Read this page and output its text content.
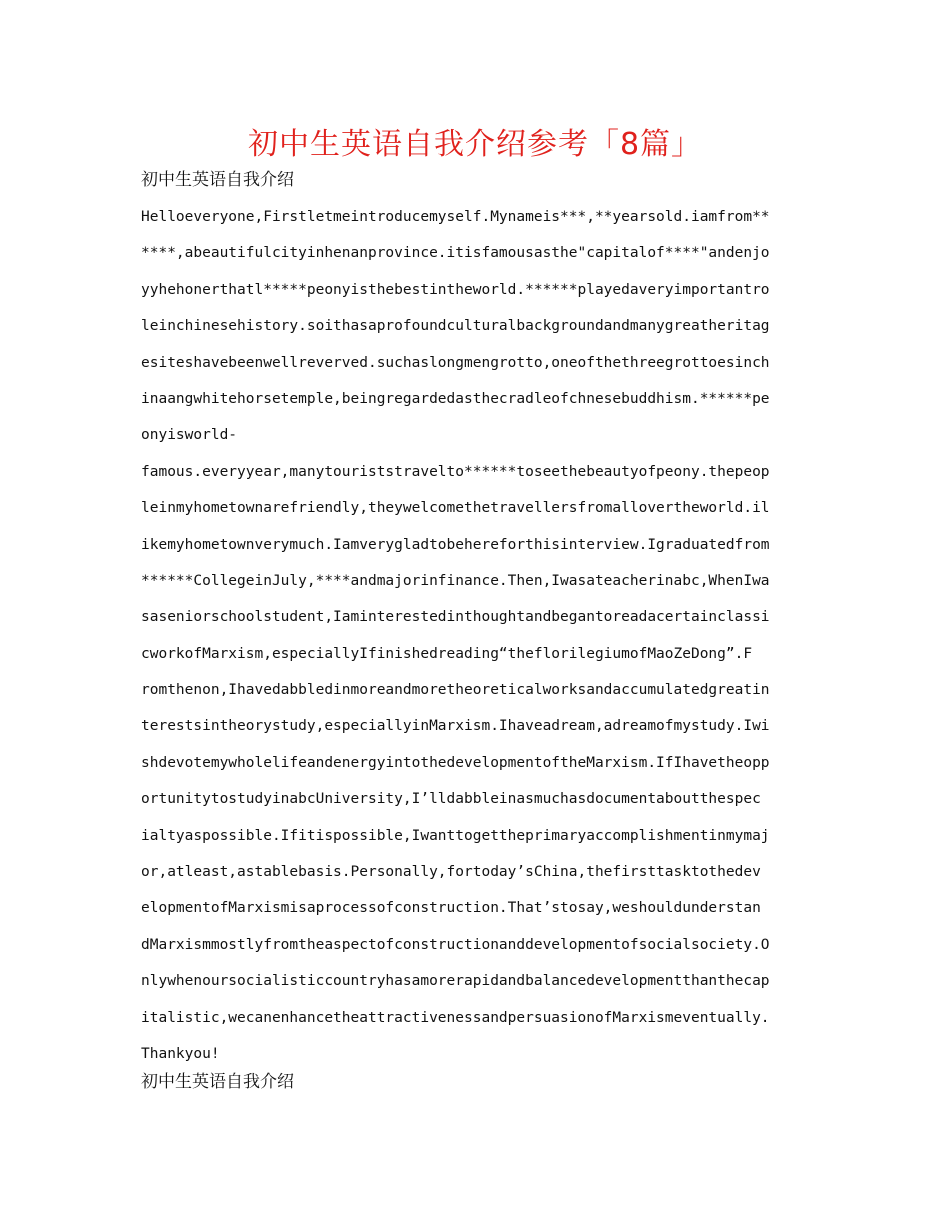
初中生英语自我介绍参考「8篇」
初中生英语自我介绍
Helloeveryone,Firstletmeintroducemyself.Mynameis***,**yearsold.iamfrom**
****,abeautifulcityinhenanprovince.itisfamousasthe"capitalof****"andenjo
yyhehonerthatl*****peonyisthebestintheworld.******playedaveryimportantro
leinchinesehistory.soithasaprofoundculturalbackgroundandmanygreatheritag
esiteshavebeenwellreverved.suchaslongmengrotto,oneofthethreegrottoesinch
inaangwhitehorsetemple,beingregardedasthecradleofchnesebuddhism.******pe
onyisworld-
famous.everyyear,manytouriststravelto******toseethebeautyofpeony.thepeop
leinmyhometownarefriendly,theywelcomethetravellersfromallovertheworld.il
ikemyhometownverymuch.Iamverygladtobehereforthisinterview.Igraduatedfrom
******CollegeinJuly,****andmajorinfinance.Then,Iwasateacherinabc,WhenIwa
saseniorschoolstudent,Iaminterestedinthoughtandbegantoreadacertainclassi
cworkofMarxism,especiallyIfinishedreading“theflorilegiumofMaoZeDong”.F
romthenon,Ihavedabbledinmoreandmoretheoreticalworksandaccumulatedgreatin
terestsintheorystudy,especiallyinMarxism.Ihaveadream,adreamofmystudy.Iwi
shdevotemywholelifeandenergyintothedevelopmentoftheMarxism.IfIhavetheopp
ortunitytostudyinabcUniversity,I’lldabbleinasmuchasdocumentaboutthespec
ialtyaspossible.Ifitispossible,Iwanttogettheprimaryaccomplishmentinmymaj
or,atleast,astablebasis.Personally,fortoday’sChina,thefirsttasktothedev
elopmentofMarxismisaprocessofconstruction.That’stosay,weshouldunderstan
dMarxismmostlyfromtheaspectofconstructionanddevelopmentofsocialsociety.O
nlywhenoursocialisticcountryhasamorerapidandbalancedevelopmentthanthecap
italistic,wecanenhancetheattractivenessandpersuasionofMarxismeventually.
Thankyou!
初中生英语自我介绍
